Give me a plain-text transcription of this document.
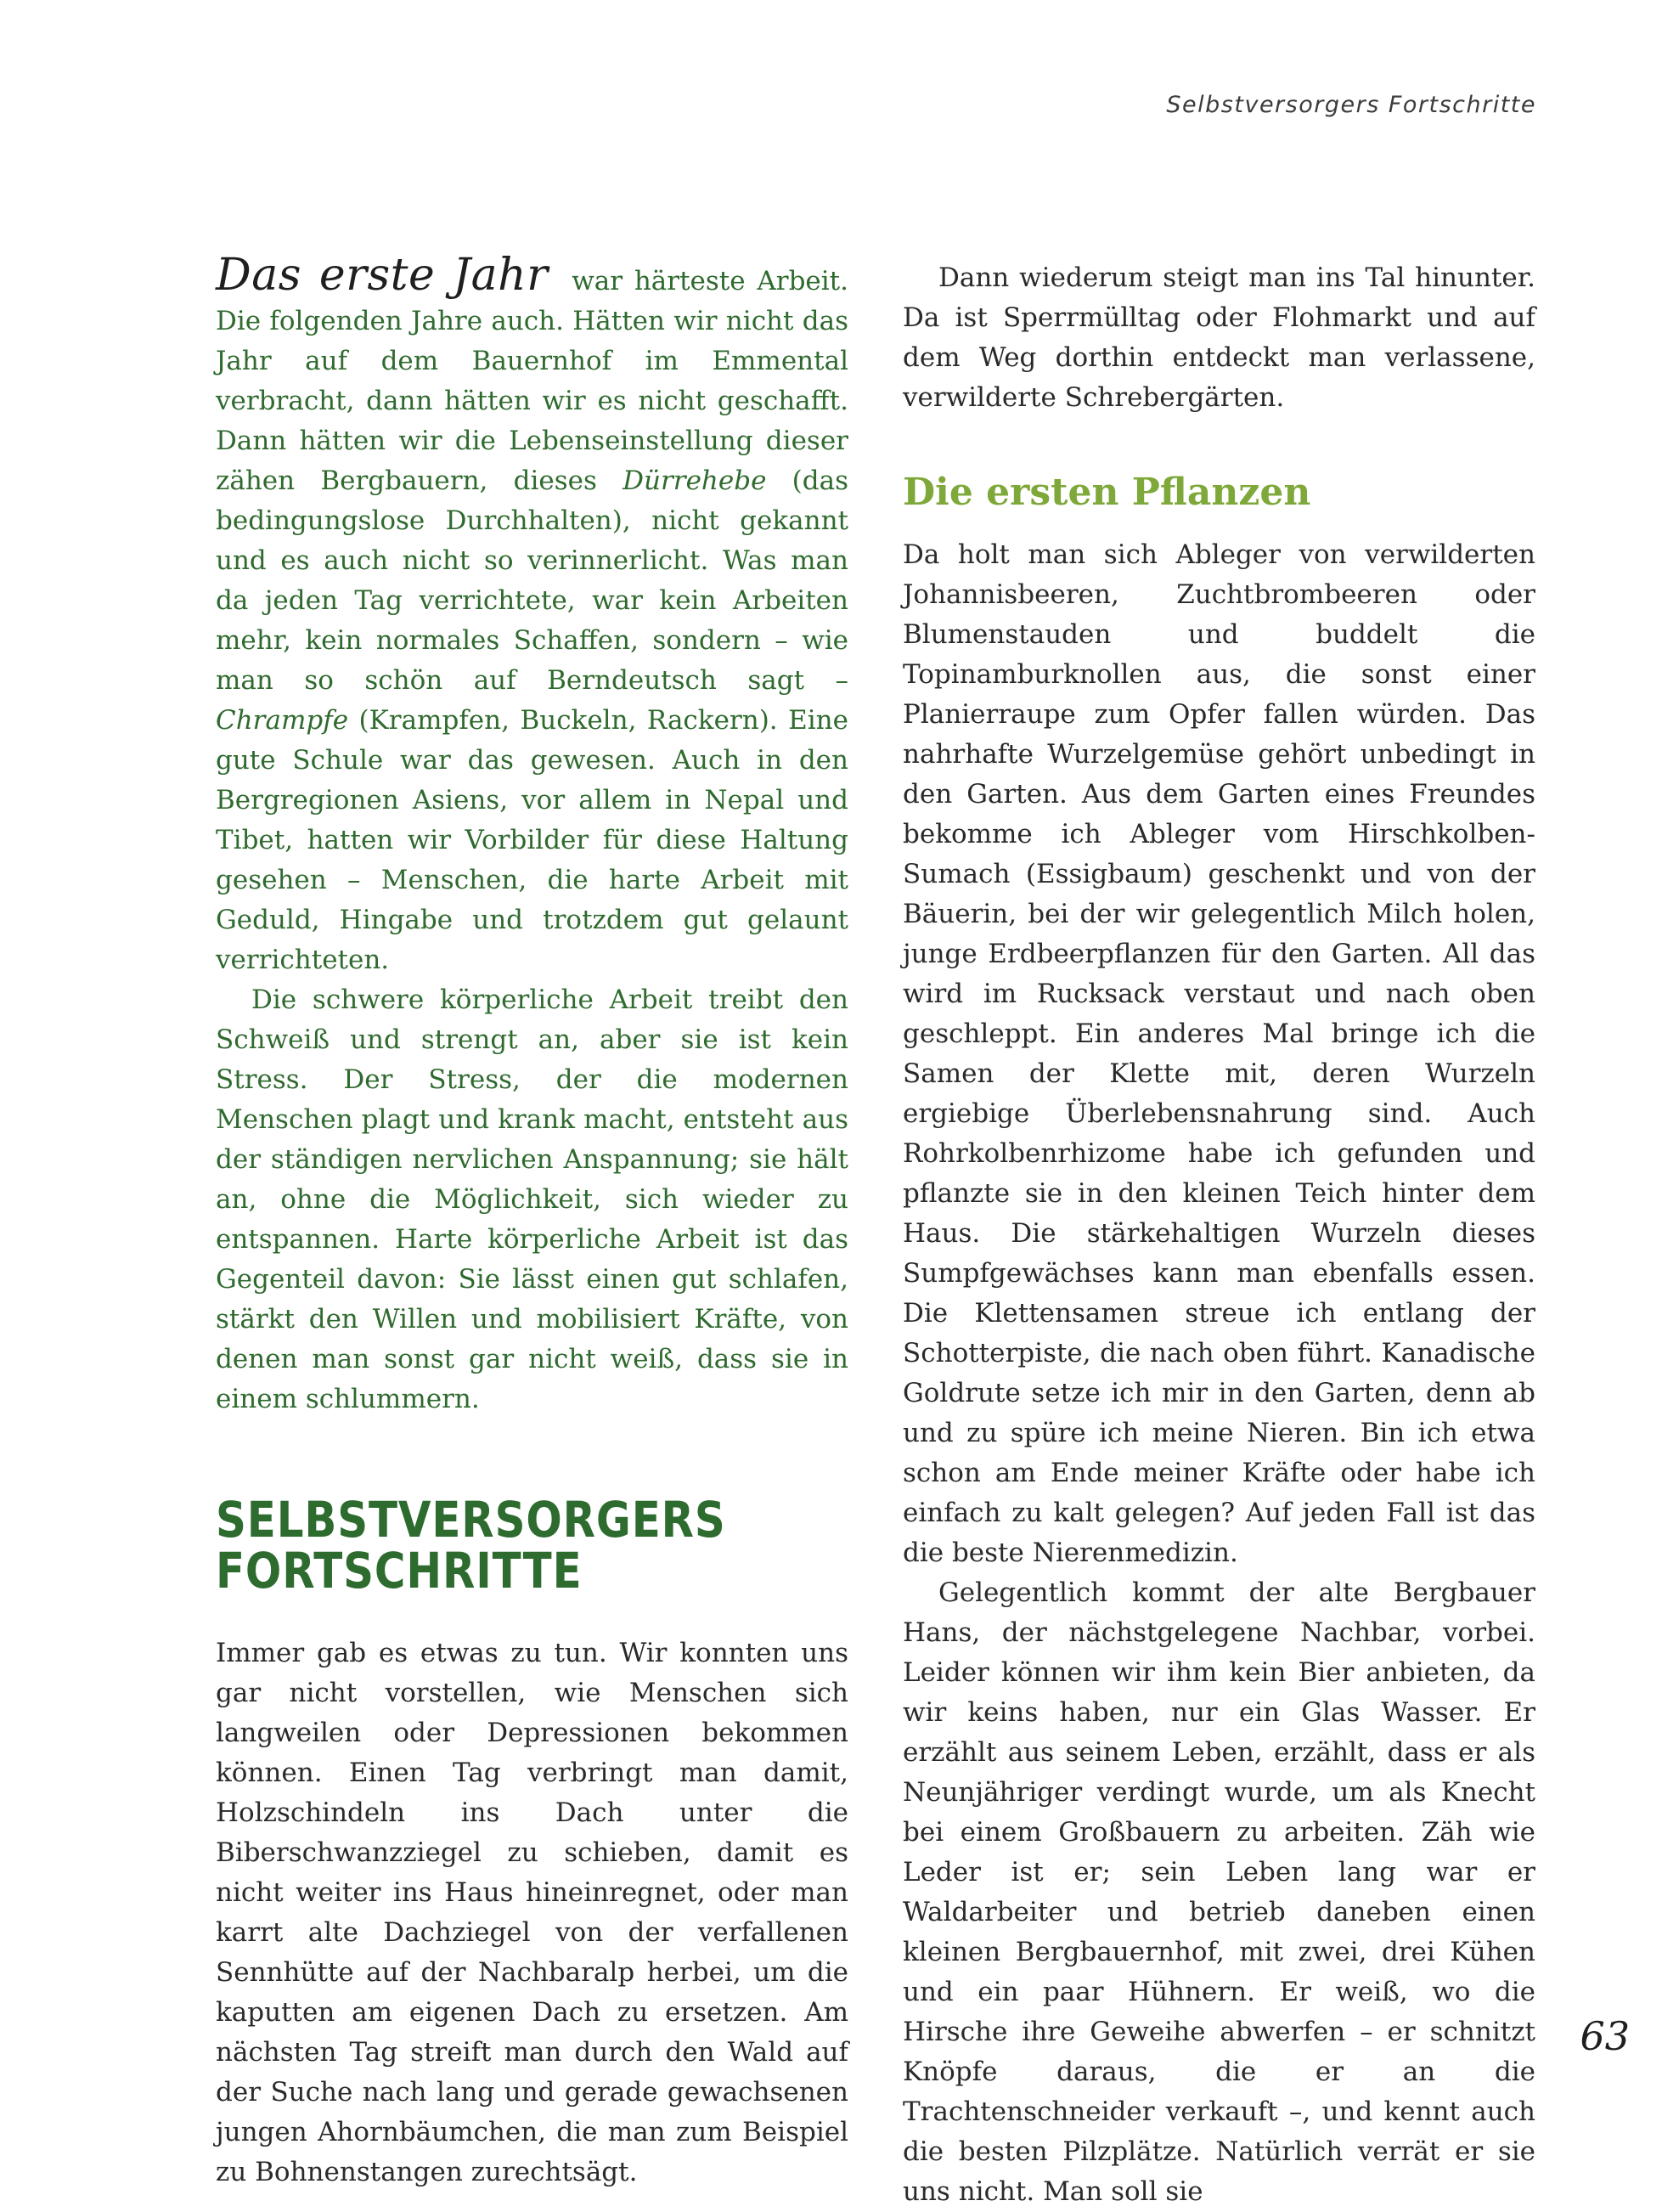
Selbstversorgers Fortschritte

Das erste Jahr war härteste Arbeit. Die folgenden Jahre auch. Hätten wir nicht das Jahr auf dem Bauernhof im Emmental verbracht, dann hätten wir es nicht geschafft. Dann hätten wir die Lebenseinstellung dieser zähen Bergbauern, dieses Dürrehebe (das bedingungslose Durchhalten), nicht gekannt und es auch nicht so verinnerlicht. Was man da jeden Tag verrichtete, war kein Arbeiten mehr, kein normales Schaffen, sondern – wie man so schön auf Berndeutsch sagt – Chrampfe (Krampfen, Buckeln, Rackern). Eine gute Schule war das gewesen. Auch in den Bergregionen Asiens, vor allem in Nepal und Tibet, hatten wir Vorbilder für diese Haltung gesehen – Menschen, die harte Arbeit mit Geduld, Hingabe und trotzdem gut gelaunt verrichteten.

Die schwere körperliche Arbeit treibt den Schweiß und strengt an, aber sie ist kein Stress. Der Stress, der die modernen Menschen plagt und krank macht, entsteht aus der ständigen nervlichen Anspannung; sie hält an, ohne die Möglichkeit, sich wieder zu entspannen. Harte körperliche Arbeit ist das Gegenteil davon: Sie lässt einen gut schlafen, stärkt den Willen und mobilisiert Kräfte, von denen man sonst gar nicht weiß, dass sie in einem schlummern.

SELBSTVERSORGERS
FORTSCHRITTE

Immer gab es etwas zu tun. Wir konnten uns gar nicht vorstellen, wie Menschen sich langweilen oder Depressionen bekommen können. Einen Tag verbringt man damit, Holzschindeln ins Dach unter die Biberschwanzziegel zu schieben, damit es nicht weiter ins Haus hineinregnet, oder man karrt alte Dachziegel von der verfallenen Sennhütte auf der Nachbaralp herbei, um die kaputten am eigenen Dach zu ersetzen. Am nächsten Tag streift man durch den Wald auf der Suche nach lang und gerade gewachsenen jungen Ahornbäumchen, die man zum Beispiel zu Bohnenstangen zurechtsägt.

Dann wiederum steigt man ins Tal hinunter. Da ist Sperrmülltag oder Flohmarkt und auf dem Weg dorthin entdeckt man verlassene, verwilderte Schrebergärten.

Die ersten Pflanzen

Da holt man sich Ableger von verwilderten Johannisbeeren, Zuchtbrombeeren oder Blumenstauden und buddelt die Topinamburknollen aus, die sonst einer Planierraupe zum Opfer fallen würden. Das nahrhafte Wurzelgemüse gehört unbedingt in den Garten. Aus dem Garten eines Freundes bekomme ich Ableger vom Hirschkolben-Sumach (Essigbaum) geschenkt und von der Bäuerin, bei der wir gelegentlich Milch holen, junge Erdbeerpflanzen für den Garten. All das wird im Rucksack verstaut und nach oben geschleppt. Ein anderes Mal bringe ich die Samen der Klette mit, deren Wurzeln ergiebige Überlebensnahrung sind. Auch Rohrkolbenrhizome habe ich gefunden und pflanzte sie in den kleinen Teich hinter dem Haus. Die stärkehaltigen Wurzeln dieses Sumpfgewächses kann man ebenfalls essen. Die Klettensamen streue ich entlang der Schotterpiste, die nach oben führt. Kanadische Goldrute setze ich mir in den Garten, denn ab und zu spüre ich meine Nieren. Bin ich etwa schon am Ende meiner Kräfte oder habe ich einfach zu kalt gelegen? Auf jeden Fall ist das die beste Nierenmedizin.

Gelegentlich kommt der alte Bergbauer Hans, der nächstgelegene Nachbar, vorbei. Leider können wir ihm kein Bier anbieten, da wir keins haben, nur ein Glas Wasser. Er erzählt aus seinem Leben, erzählt, dass er als Neunjähriger verdingt wurde, um als Knecht bei einem Großbauern zu arbeiten. Zäh wie Leder ist er; sein Leben lang war er Waldarbeiter und betrieb daneben einen kleinen Bergbauernhof, mit zwei, drei Kühen und ein paar Hühnern. Er weiß, wo die Hirsche ihre Geweihe abwerfen – er schnitzt Knöpfe daraus, die er an die Trachtenschneider verkauft –, und kennt auch die besten Pilzplätze. Natürlich verrät er sie uns nicht. Man soll sie

63
